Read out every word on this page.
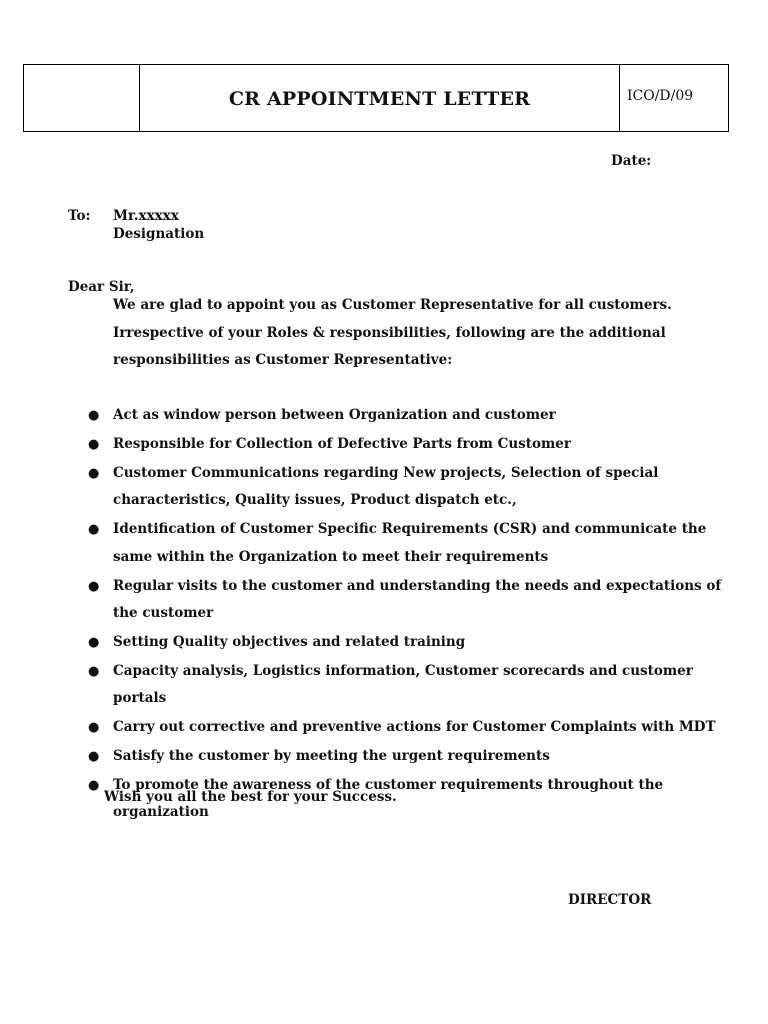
CR APPOINTMENT LETTER	ICO/D/09
Date:
To: Mr.xxxxx
Designation
Dear Sir,
We are glad to appoint you as Customer Representative for all customers. Irrespective of your Roles & responsibilities, following are the additional responsibilities as Customer Representative:
● Act as window person between Organization and customer
● Responsible for Collection of Defective Parts from Customer
● Customer Communications regarding New projects, Selection of special characteristics, Quality issues, Product dispatch etc.,
● Identification of Customer Specific Requirements (CSR) and communicate the same within the Organization to meet their requirements
● Regular visits to the customer and understanding the needs and expectations of the customer
● Setting Quality objectives and related training
● Capacity analysis, Logistics information, Customer scorecards and customer portals
● Carry out corrective and preventive actions for Customer Complaints with MDT
● Satisfy the customer by meeting the urgent requirements
● To promote the awareness of the customer requirements throughout the organization
Wish you all the best for your Success.
DIRECTOR
